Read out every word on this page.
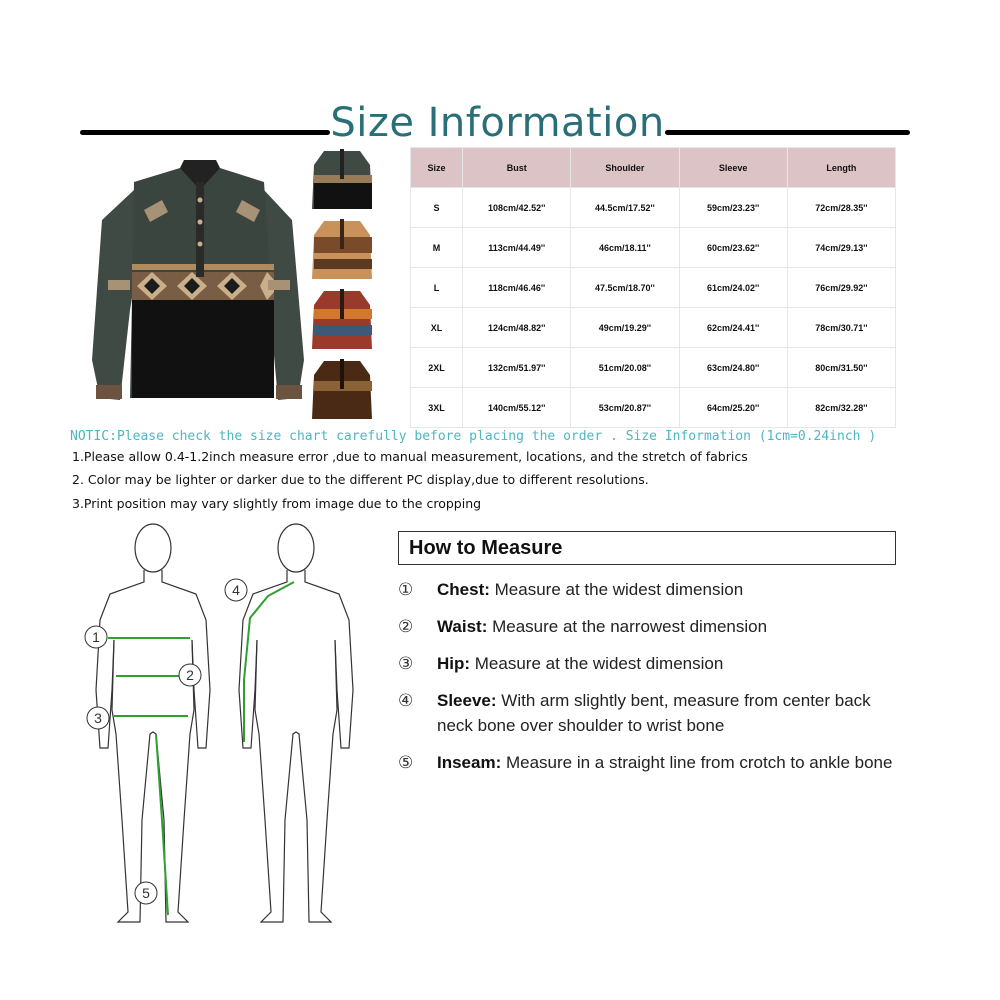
Size Information
Size	Bust	Shoulder	Sleeve	Length
S	108cm/42.52''	44.5cm/17.52''	59cm/23.23''	72cm/28.35''
M	113cm/44.49''	46cm/18.11''	60cm/23.62''	74cm/29.13''
L	118cm/46.46''	47.5cm/18.70''	61cm/24.02''	76cm/29.92''
XL	124cm/48.82''	49cm/19.29''	62cm/24.41''	78cm/30.71''
2XL	132cm/51.97''	51cm/20.08''	63cm/24.80''	80cm/31.50''
3XL	140cm/55.12''	53cm/20.87''	64cm/25.20''	82cm/32.28''
NOTIC:Please check the size chart carefully before placing the order . Size Information (1cm=0.24inch )
1.Please allow 0.4-1.2inch measure error ,due to manual measurement, locations, and the stretch of fabrics
2. Color may be lighter or darker due to the different PC display,due to different resolutions.
3.Print position may vary slightly from image due to the cropping
1
2
3
4
5
How to Measure
①	Chest: Measure at the widest dimension
②	Waist: Measure at the narrowest dimension
③	Hip: Measure at the widest dimension
④	Sleeve: With arm slightly bent, measure from center back neck bone over shoulder to wrist bone
⑤	Inseam: Measure in a straight line from crotch to ankle bone
